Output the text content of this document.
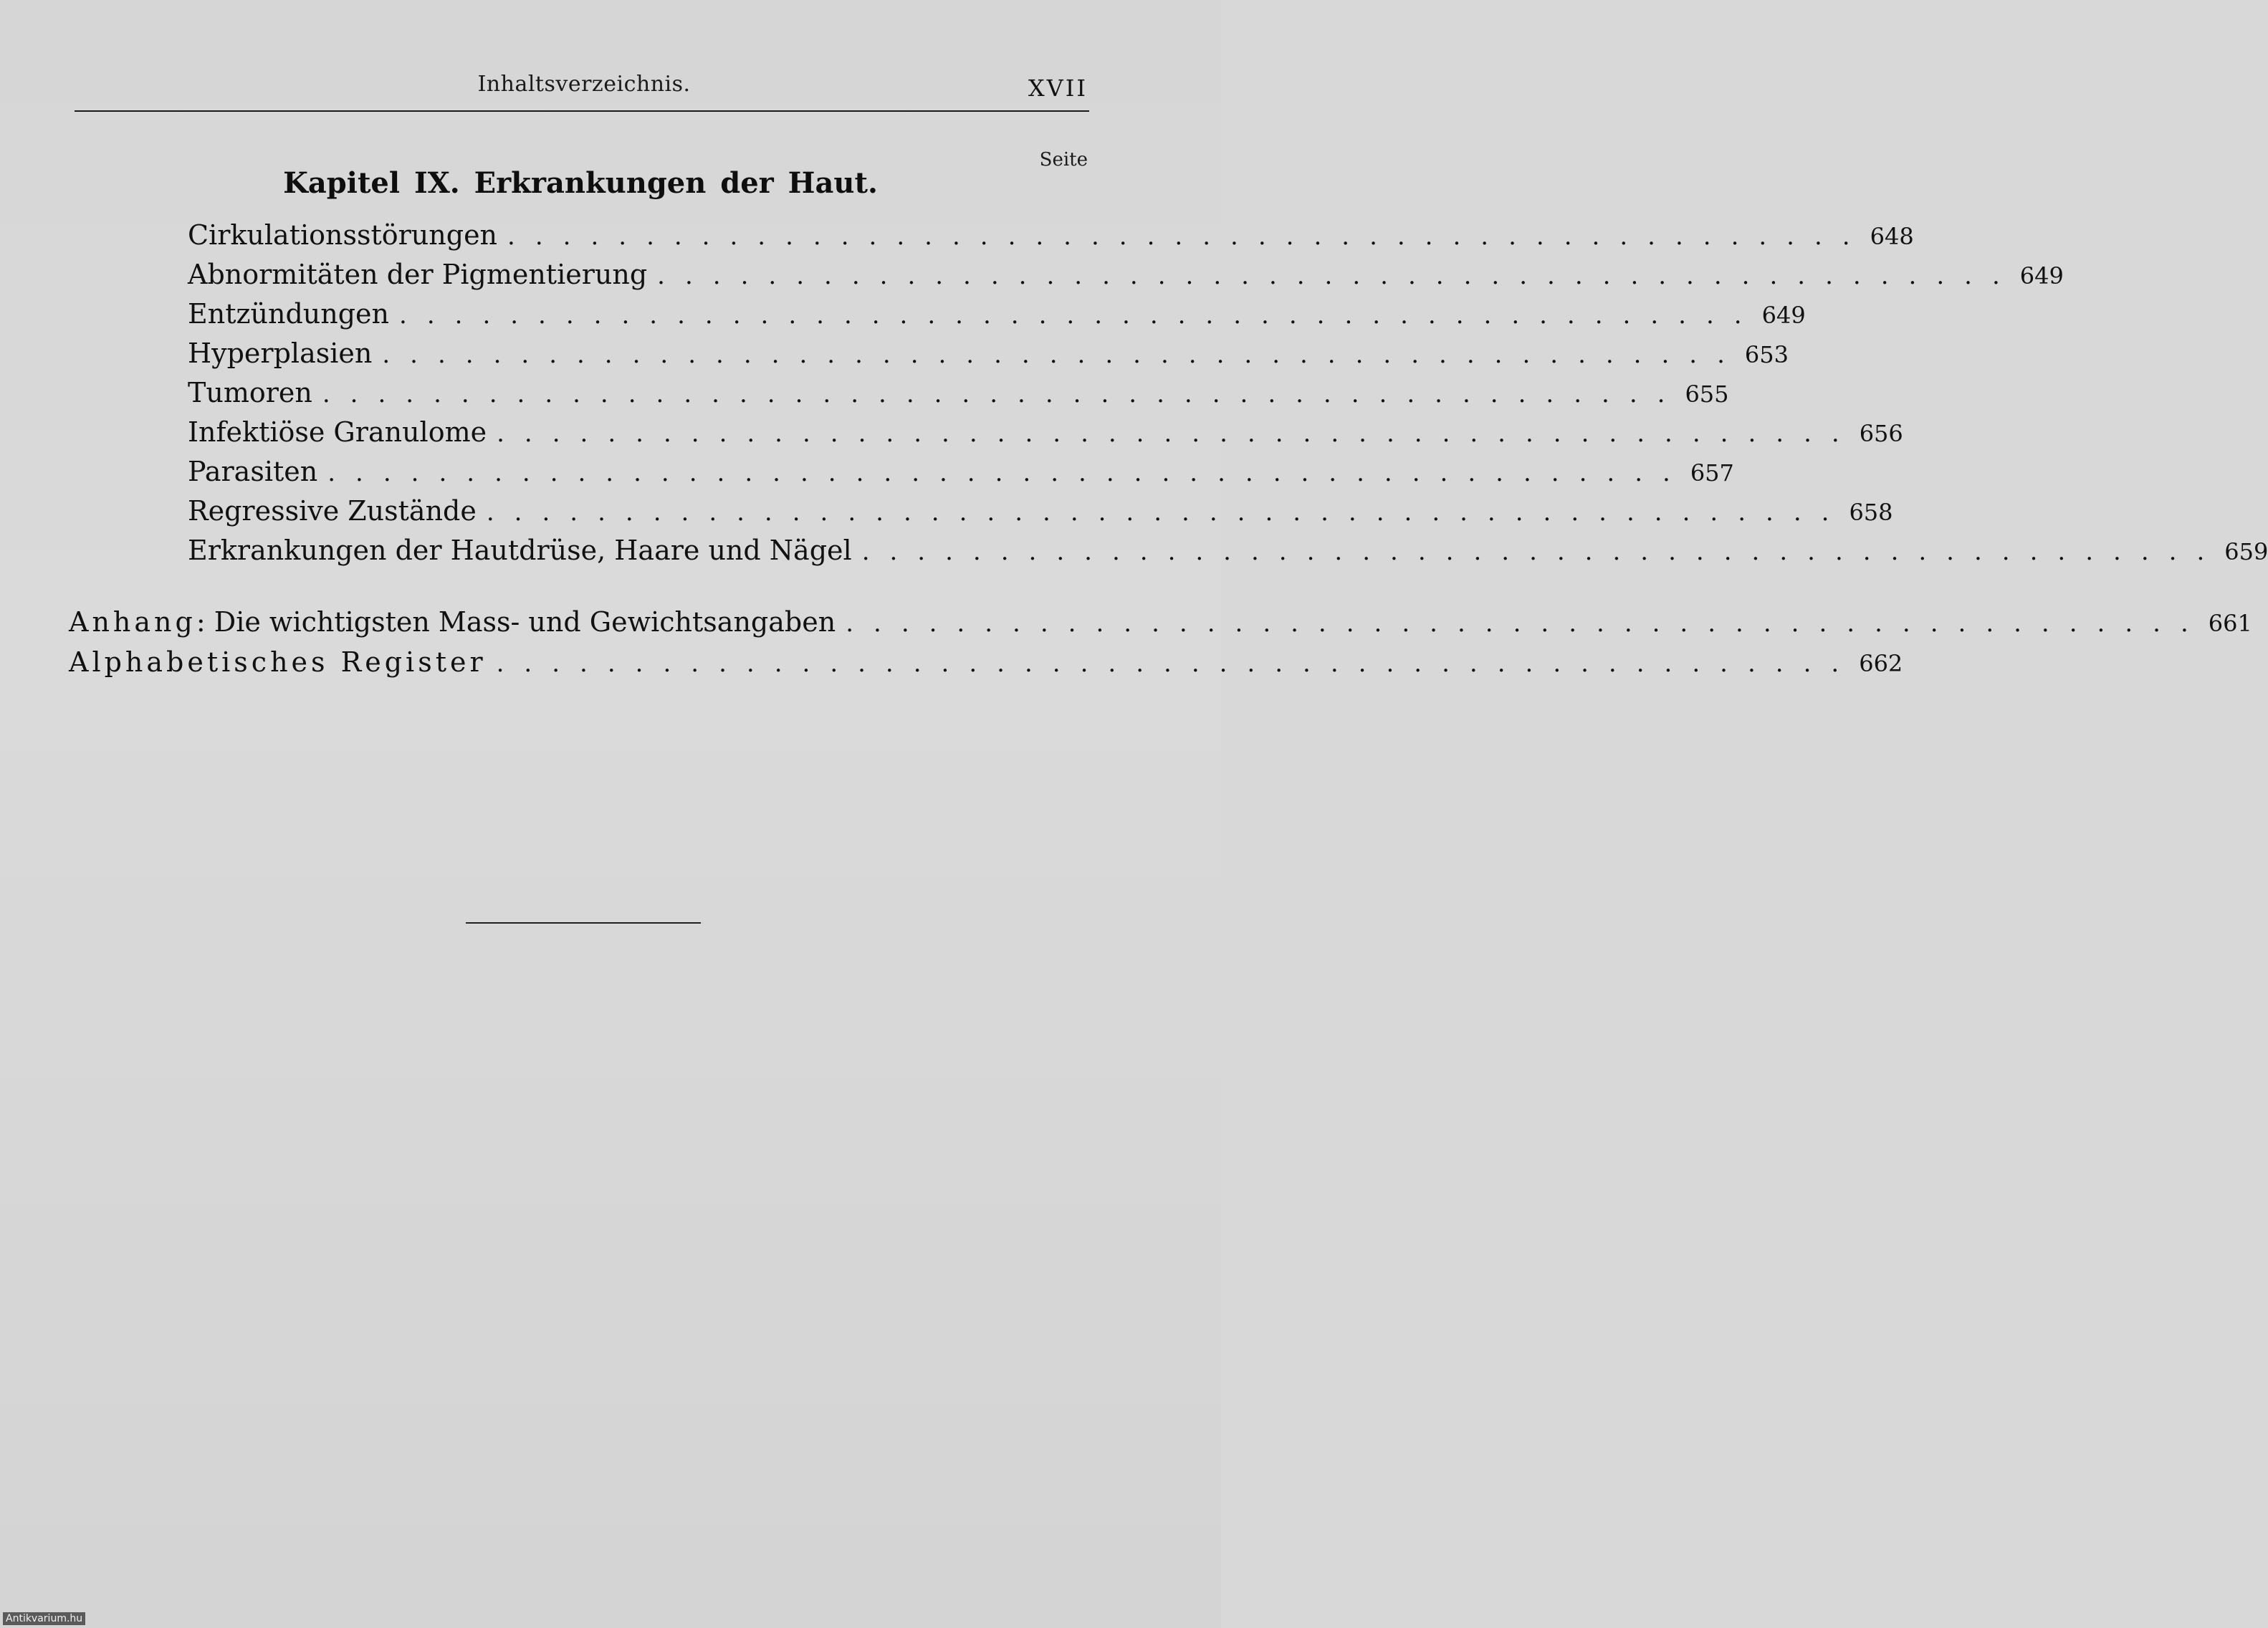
Inhaltsverzeichnis.	XVII
Seite
Kapitel IX. Erkrankungen der Haut.
Cirkulationsstörungen ................................................. 648
Abnormitäten der Pigmentierung ................................................. 649
Entzündungen ................................................. 649
Hyperplasien ................................................. 653
Tumoren ................................................. 655
Infektiöse Granulome ................................................. 656
Parasiten ................................................. 657
Regressive Zustände ................................................. 658
Erkrankungen der Hautdrüse, Haare und Nägel ................................................. 659
Anhang: Die wichtigsten Mass- und Gewichtsangaben ................................................. 661
Alphabetisches Register ................................................. 662
Antikvarium.hu
